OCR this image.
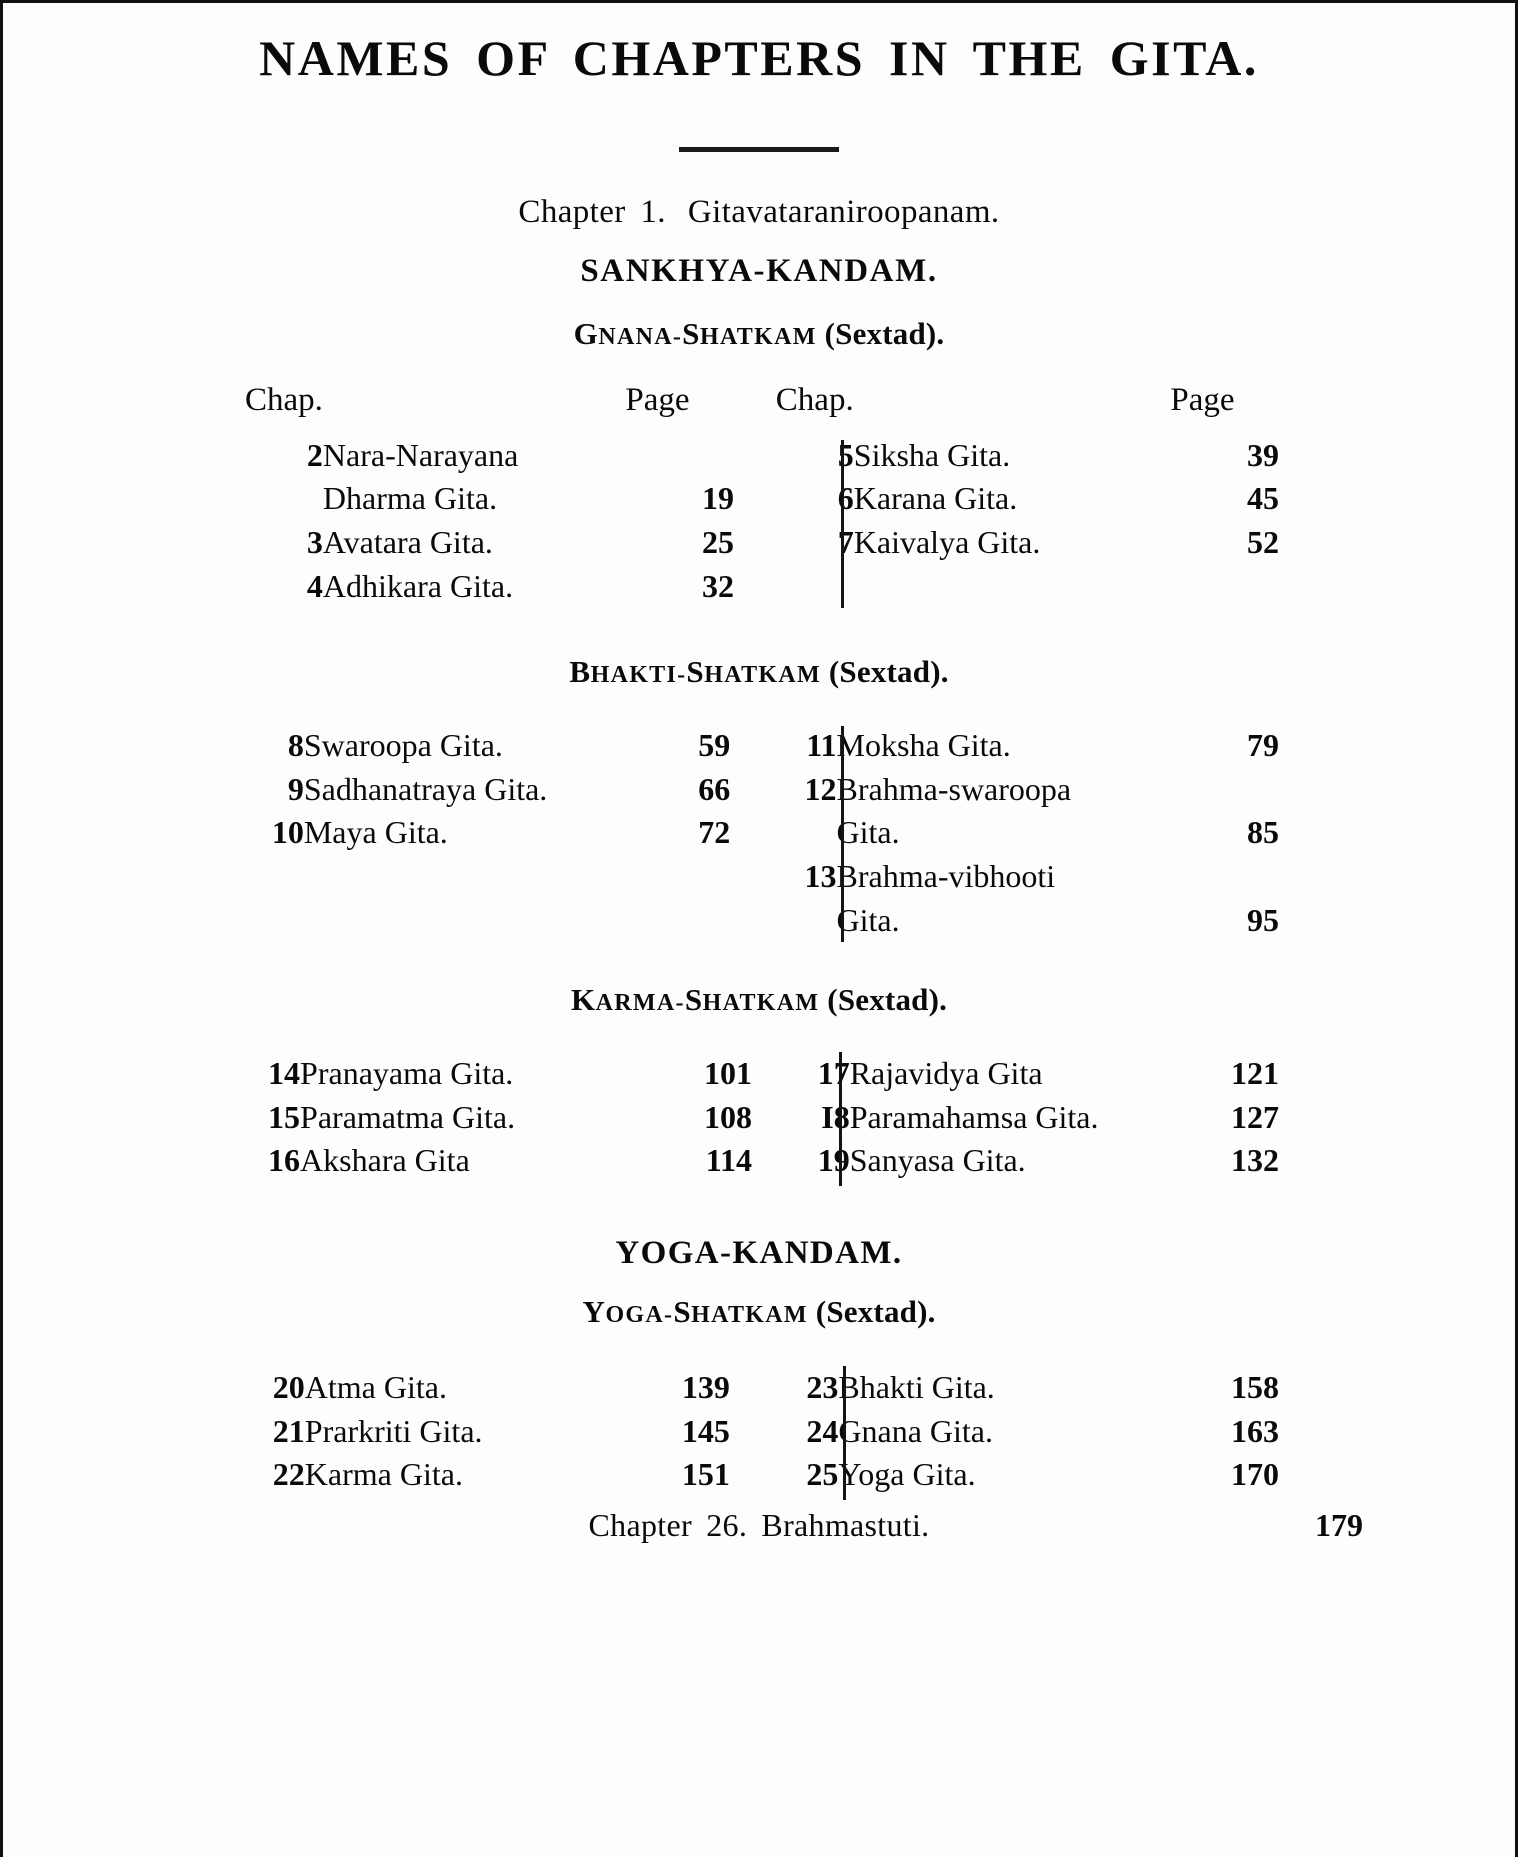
NAMES OF CHAPTERS IN THE GITA.
Chapter 1. Gitavataraniroopanam.
SANKHYA-KANDAM.
GNANA-SHATKAM (Sextad).
Chap.		Page		Chap.		Page
2	Nara-Narayana			5	Siksha Gita.	39
	Dharma Gita.	19		6	Karana Gita.	45
3	Avatara Gita.	25		7	Kaivalya Gita.	52
4	Adhikara Gita.	32				
BHAKTI-SHATKAM (Sextad).
8	Swaroopa Gita.	59		11	Moksha Gita.	79
9	Sadhanatraya Gita.	66		12	Brahma-swaroopa	
10	Maya Gita.	72			Gita.	85
				13	Brahma-vibhooti	
					Gita.	95
KARMA-SHATKAM (Sextad).
14	Pranayama Gita.	101		17	Rajavidya Gita	121
15	Paramatma Gita.	108		I8	Paramahamsa Gita.	127
16	Akshara Gita	114		19	Sanyasa Gita.	132
YOGA-KANDAM.
YOGA-SHATKAM (Sextad).
20	Atma Gita.	139		23	Bhakti Gita.	158
21	Prarkriti Gita.	145		24	Gnana Gita.	163
22	Karma Gita.	151		25	Yoga Gita.	170
Chapter 26. Brahmastuti.	179
